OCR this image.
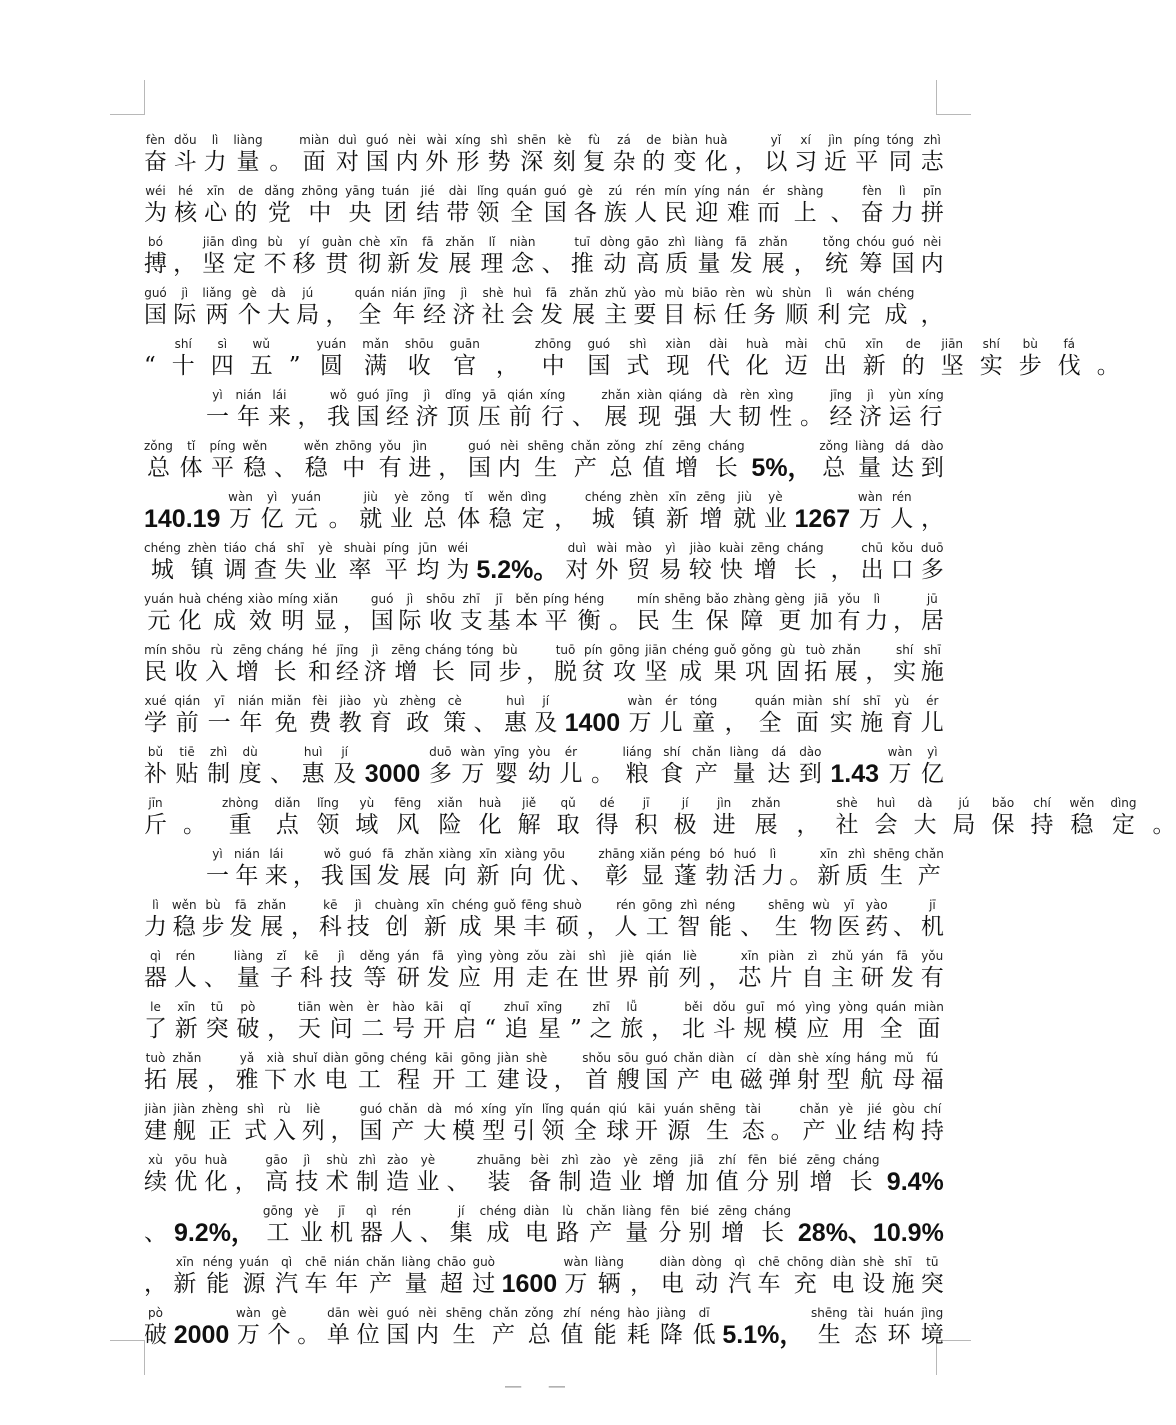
fèn
奋
dǒu
斗
lì
力
liàng
量 。
miàn
面
duì
对
guó
国
nèi
内
wài
外
xíng
形
shì
势
shēn
深
kè
刻
fù
复
zá
杂
de
的
biàn
变
huà
化 ，
yǐ
以
xí
习
jìn
近
píng
平
tóng
同
zhì
志
wéi
为
hé
核
xīn
心
de
的
dǎng
党
zhōng
中
yāng
央
tuán
团
jié
结
dài
带
lǐng
领
quán
全
guó
国
gè
各
zú
族
rén
人
mín
民
yíng
迎
nán
难
ér
而
shàng
上 、
fèn
奋
lì
力
pīn
拼
bó
搏 ，
jiān
坚
dìng
定
bù
不
yí
移
guàn
贯
chè
彻
xīn
新
fā
发
zhǎn
展
lǐ
理
niàn
念 、
tuī
推
dòng
动
gāo
高
zhì
质
liàng
量
fā
发
zhǎn
展 ，
tǒng
统
chóu
筹
guó
国
nèi
内
guó
国
jì
际
liǎng
两
gè
个
dà
大
jú
局 ，
quán
全
nián
年
jīng
经
jì
济
shè
社
huì
会
fā
发
zhǎn
展
zhǔ
主
yào
要
mù
目
biāo
标
rèn
任
wù
务
shùn
顺
lì
利
wán
完
chéng
成 ，
“
shí
十
sì
四
wǔ
五 ”
yuán
圆
mǎn
满
shōu
收
guān
官 ，
zhōng
中
guó
国
shì
式
xiàn
现
dài
代
huà
化
mài
迈
chū
出
xīn
新
de
的
jiān
坚
shí
实
bù
步
fá
伐 。
yì
一
nián
年
lái
来 ，
wǒ
我
guó
国
jīng
经
jì
济
dǐng
顶
yā
压
qián
前
xíng
行 、
zhǎn
展
xiàn
现
qiáng
强
dà
大
rèn
韧
xìng
性 。
jīng
经
jì
济
yùn
运
xíng
行
zǒng
总
tǐ
体
píng
平
wěn
稳 、
wěn
稳
zhōng
中
yǒu
有
jìn
进 ，
guó
国
nèi
内
shēng
生
chǎn
产
zǒng
总
zhí
值
zēng
增
cháng
长 5%，
zǒng
总
liàng
量
dá
达
dào
到
140.19
wàn
万
yì
亿
yuán
元 。
jiù
就
yè
业
zǒng
总
tǐ
体
wěn
稳
dìng
定 ，
chéng
城
zhèn
镇
xīn
新
zēng
增
jiù
就
yè
业 1267
wàn
万
rén
人 ，
chéng
城
zhèn
镇
tiáo
调
chá
查
shī
失
yè
业
shuài
率
píng
平
jūn
均
wéi
为 5.2%。
duì
对
wài
外
mào
贸
yì
易
jiào
较
kuài
快
zēng
增
cháng
长 ，
chū
出
kǒu
口
duō
多
yuán
元
huà
化
chéng
成
xiào
效
míng
明
xiǎn
显 ，
guó
国
jì
际
shōu
收
zhī
支
jī
基
běn
本
píng
平
héng
衡 。
mín
民
shēng
生
bǎo
保
zhàng
障
gèng
更
jiā
加
yǒu
有
lì
力 ，
jū
居
mín
民
shōu
收
rù
入
zēng
增
cháng
长
hé
和
jīng
经
jì
济
zēng
增
cháng
长
tóng
同
bù
步 ，
tuō
脱
pín
贫
gōng
攻
jiān
坚
chéng
成
guǒ
果
gǒng
巩
gù
固
tuò
拓
zhǎn
展 ，
shí
实
shī
施
xué
学
qián
前
yī
一
nián
年
miǎn
免
fèi
费
jiào
教
yù
育
zhèng
政
cè
策 、
huì
惠
jí
及 1400
wàn
万
ér
儿
tóng
童 ，
quán
全
miàn
面
shí
实
shī
施
yù
育
ér
儿
bǔ
补
tiē
贴
zhì
制
dù
度 、
huì
惠
jí
及 3000
duō
多
wàn
万
yīng
婴
yòu
幼
ér
儿 。
liáng
粮
shí
食
chǎn
产
liàng
量
dá
达
dào
到 1.43
wàn
万
yì
亿
jīn
斤 。
zhòng
重
diǎn
点
lǐng
领
yù
域
fēng
风
xiǎn
险
huà
化
jiě
解
qǔ
取
dé
得
jī
积
jí
极
jìn
进
zhǎn
展 ，
shè
社
huì
会
dà
大
jú
局
bǎo
保
chí
持
wěn
稳
dìng
定 。
yì
一
nián
年
lái
来 ，
wǒ
我
guó
国
fā
发
zhǎn
展
xiàng
向
xīn
新
xiàng
向
yōu
优 、
zhāng
彰
xiǎn
显
péng
蓬
bó
勃
huó
活
lì
力 。
xīn
新
zhì
质
shēng
生
chǎn
产
lì
力
wěn
稳
bù
步
fā
发
zhǎn
展 ，
kē
科
jì
技
chuàng
创
xīn
新
chéng
成
guǒ
果
fēng
丰
shuò
硕 ，
rén
人
gōng
工
zhì
智
néng
能 、
shēng
生
wù
物
yī
医
yào
药 、
jī
机
qì
器
rén
人 、
liàng
量
zǐ
子
kē
科
jì
技
děng
等
yán
研
fā
发
yìng
应
yòng
用
zǒu
走
zài
在
shì
世
jiè
界
qián
前
liè
列 ，
xīn
芯
piàn
片
zì
自
zhǔ
主
yán
研
fā
发
yǒu
有
le
了
xīn
新
tū
突
pò
破 ，
tiān
天
wèn
问
èr
二
hào
号
kāi
开
qǐ
启 “
zhuī
追
xīng
星 ”
zhī
之
lǚ
旅 ，
běi
北
dǒu
斗
guī
规
mó
模
yìng
应
yòng
用
quán
全
miàn
面
tuò
拓
zhǎn
展 ，
yǎ
雅
xià
下
shuǐ
水
diàn
电
gōng
工
chéng
程
kāi
开
gōng
工
jiàn
建
shè
设 ，
shǒu
首
sōu
艘
guó
国
chǎn
产
diàn
电
cí
磁
dàn
弹
shè
射
xíng
型
háng
航
mǔ
母
fú
福
jiàn
建
jiàn
舰
zhèng
正
shì
式
rù
入
liè
列 ，
guó
国
chǎn
产
dà
大
mó
模
xíng
型
yǐn
引
lǐng
领
quán
全
qiú
球
kāi
开
yuán
源
shēng
生
tài
态 。
chǎn
产
yè
业
jié
结
gòu
构
chí
持
xù
续
yōu
优
huà
化 ，
gāo
高
jì
技
shù
术
zhì
制
zào
造
yè
业 、
zhuāng
装
bèi
备
zhì
制
zào
造
yè
业
zēng
增
jiā
加
zhí
值
fēn
分
bié
别
zēng
增
cháng
长 9.4%
、 9.2%，
gōng
工
yè
业
jī
机
qì
器
rén
人 、
jí
集
chéng
成
diàn
电
lù
路
chǎn
产
liàng
量
fēn
分
bié
别
zēng
增
cháng
长 28%、10.9%
，
xīn
新
néng
能
yuán
源
qì
汽
chē
车
nián
年
chǎn
产
liàng
量
chāo
超
guò
过 1600
wàn
万
liàng
辆 ，
diàn
电
dòng
动
qì
汽
chē
车
chōng
充
diàn
电
shè
设
shī
施
tū
突
pò
破 2000
wàn
万
gè
个 。
dān
单
wèi
位
guó
国
nèi
内
shēng
生
chǎn
产
zǒng
总
zhí
值
néng
能
hào
耗
jiàng
降
dī
低 5.1%，
shēng
生
tài
态
huán
环
jìng
境
— —
